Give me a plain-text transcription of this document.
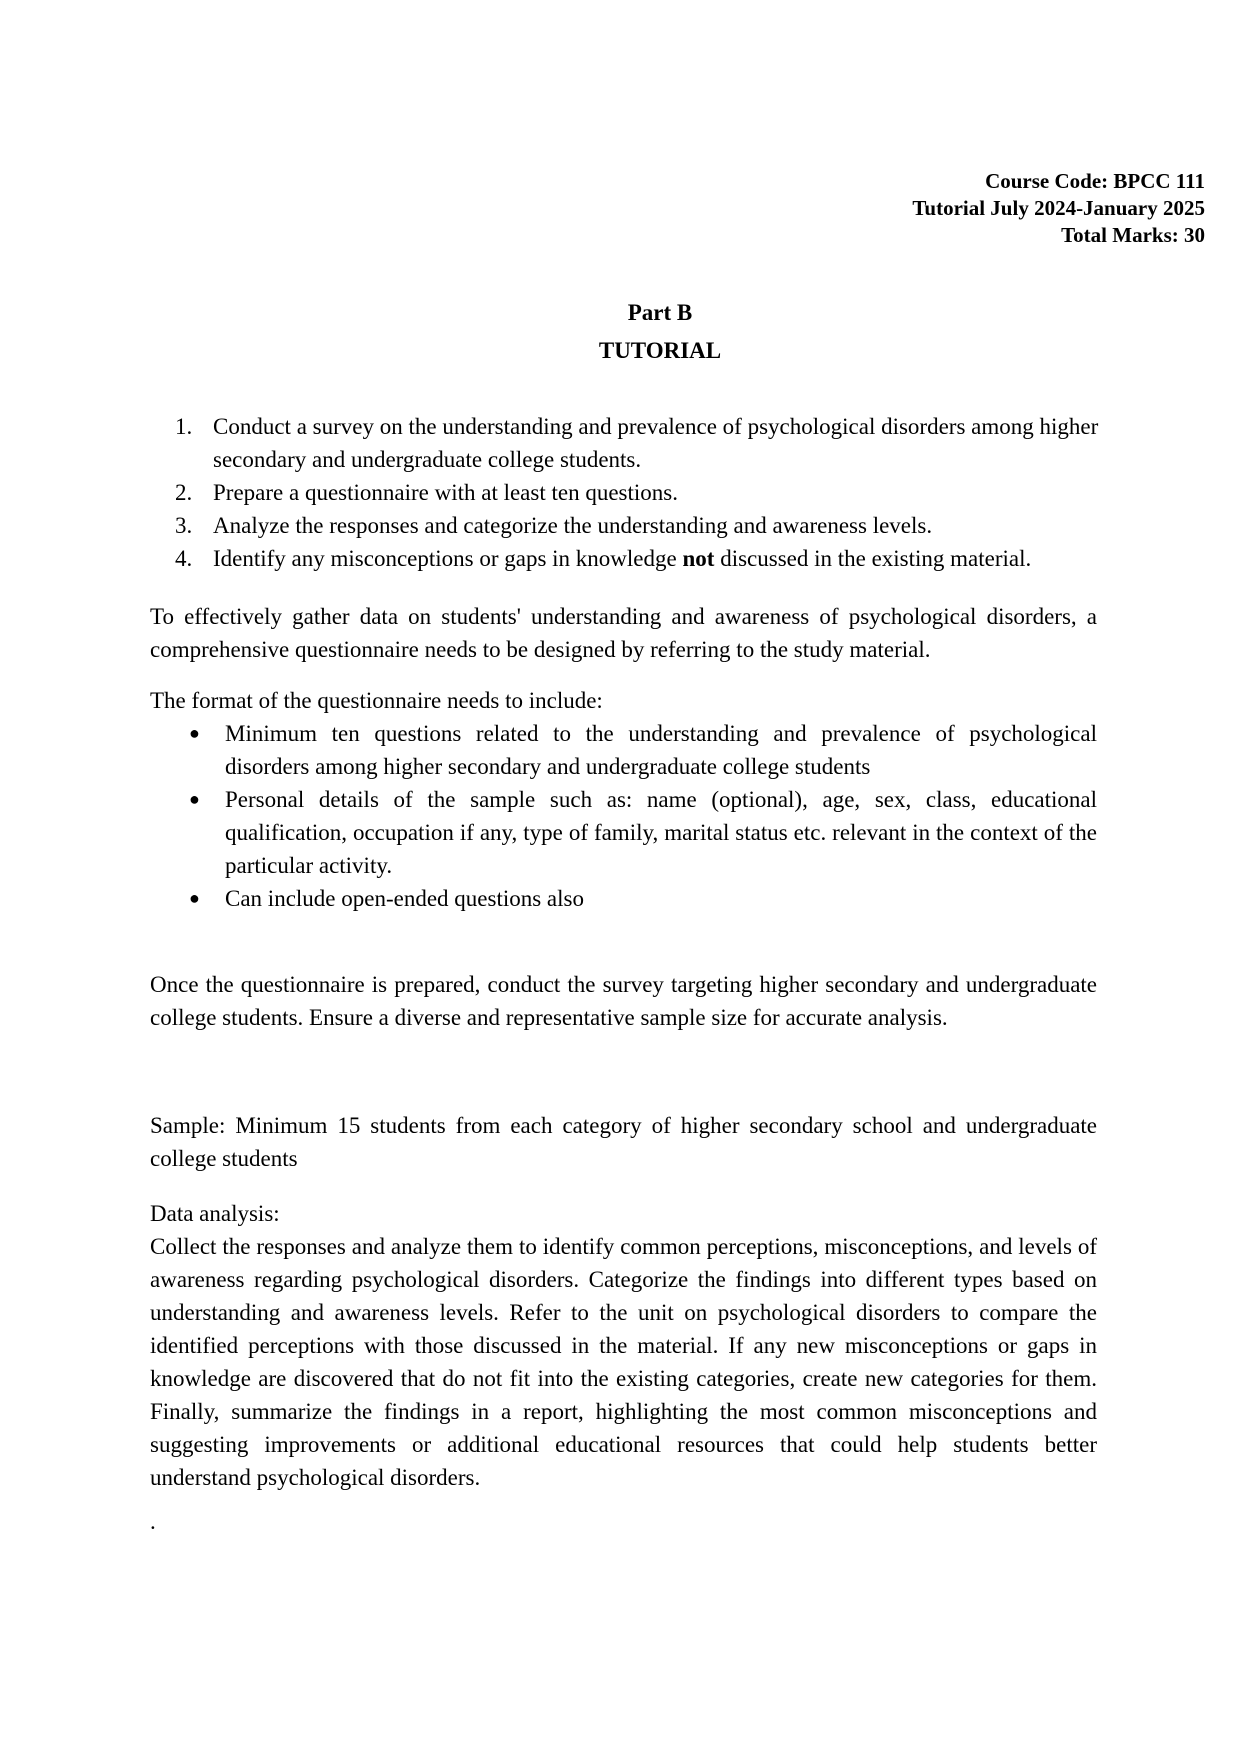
Course Code: BPCC 111
Tutorial July 2024-January 2025
Total Marks: 30
Part B
TUTORIAL
1. Conduct a survey on the understanding and prevalence of psychological disorders among higher secondary and undergraduate college students.
2. Prepare a questionnaire with at least ten questions.
3. Analyze the responses and categorize the understanding and awareness levels.
4. Identify any misconceptions or gaps in knowledge not discussed in the existing material.
To effectively gather data on students' understanding and awareness of psychological disorders, a comprehensive questionnaire needs to be designed by referring to the study material.
The format of the questionnaire needs to include:
● Minimum ten questions related to the understanding and prevalence of psychological disorders among higher secondary and undergraduate college students
● Personal details of the sample such as: name (optional), age, sex, class, educational qualification, occupation if any, type of family, marital status etc. relevant in the context of the particular activity.
● Can include open-ended questions also
Once the questionnaire is prepared, conduct the survey targeting higher secondary and undergraduate college students. Ensure a diverse and representative sample size for accurate analysis.
Sample: Minimum 15 students from each category of higher secondary school and undergraduate college students
Data analysis:
Collect the responses and analyze them to identify common perceptions, misconceptions, and levels of awareness regarding psychological disorders. Categorize the findings into different types based on understanding and awareness levels. Refer to the unit on psychological disorders to compare the identified perceptions with those discussed in the material. If any new misconceptions or gaps in knowledge are discovered that do not fit into the existing categories, create new categories for them. Finally, summarize the findings in a report, highlighting the most common misconceptions and suggesting improvements or additional educational resources that could help students better understand psychological disorders.
.
